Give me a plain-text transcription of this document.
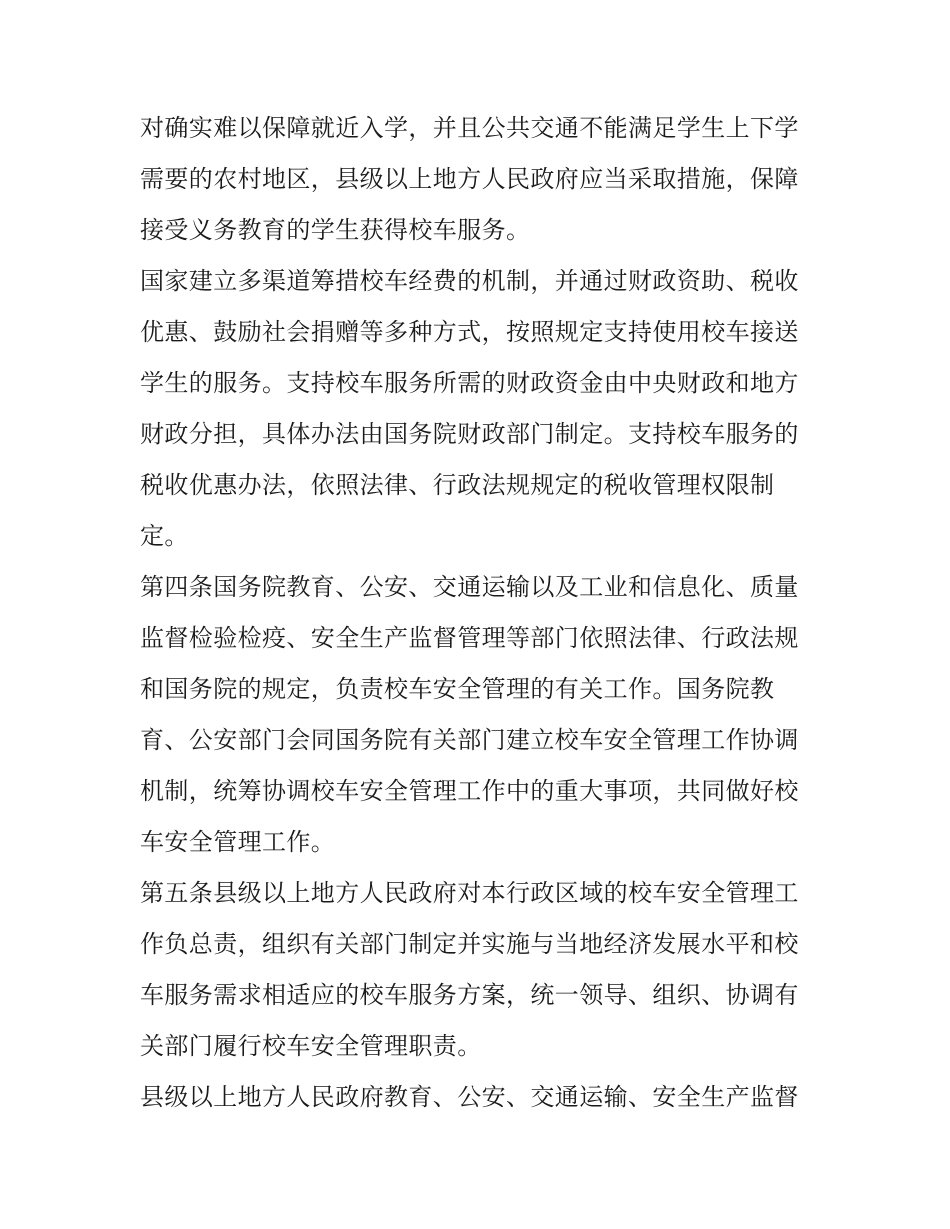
对确实难以保障就近入学，并且公共交通不能满足学生上下学
需要的农村地区，县级以上地方人民政府应当采取措施，保障
接受义务教育的学生获得校车服务。
国家建立多渠道筹措校车经费的机制，并通过财政资助、税收
优惠、鼓励社会捐赠等多种方式，按照规定支持使用校车接送
学生的服务。支持校车服务所需的财政资金由中央财政和地方
财政分担，具体办法由国务院财政部门制定。支持校车服务的
税收优惠办法，依照法律、行政法规规定的税收管理权限制
定。
第四条国务院教育、公安、交通运输以及工业和信息化、质量
监督检验检疫、安全生产监督管理等部门依照法律、行政法规
和国务院的规定，负责校车安全管理的有关工作。国务院教
育、公安部门会同国务院有关部门建立校车安全管理工作协调
机制，统筹协调校车安全管理工作中的重大事项，共同做好校
车安全管理工作。
第五条县级以上地方人民政府对本行政区域的校车安全管理工
作负总责，组织有关部门制定并实施与当地经济发展水平和校
车服务需求相适应的校车服务方案，统一领导、组织、协调有
关部门履行校车安全管理职责。
县级以上地方人民政府教育、公安、交通运输、安全生产监督
